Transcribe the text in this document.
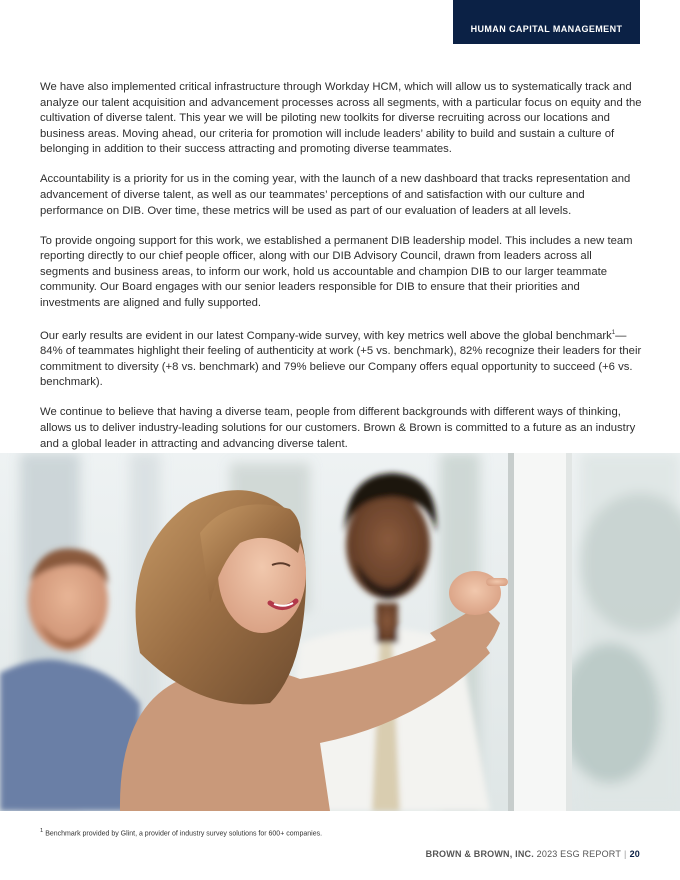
HUMAN CAPITAL MANAGEMENT

We have also implemented critical infrastructure through Workday HCM, which will allow us to systematically track and analyze our talent acquisition and advancement processes across all segments, with a particular focus on equity and the cultivation of diverse talent. This year we will be piloting new toolkits for diverse recruiting across our locations and business areas. Moving ahead, our criteria for promotion will include leaders’ ability to build and sustain a culture of belonging in addition to their success attracting and promoting diverse teammates.

Accountability is a priority for us in the coming year, with the launch of a new dashboard that tracks representation and advancement of diverse talent, as well as our teammates’ perceptions of and satisfaction with our culture and performance on DIB. Over time, these metrics will be used as part of our evaluation of leaders at all levels.

To provide ongoing support for this work, we established a permanent DIB leadership model. This includes a new team reporting directly to our chief people officer, along with our DIB Advisory Council, drawn from leaders across all segments and business areas, to inform our work, hold us accountable and champion DIB to our larger teammate community. Our Board engages with our senior leaders responsible for DIB to ensure that their priorities and investments are aligned and fully supported.

Our early results are evident in our latest Company-wide survey, with key metrics well above the global benchmark$^1$—84% of teammates highlight their feeling of authenticity at work (+5 vs. benchmark), 82% recognize their leaders for their commitment to diversity (+8 vs. benchmark) and 79% believe our Company offers equal opportunity to succeed (+6 vs. benchmark).

We continue to believe that having a diverse team, people from different backgrounds with different ways of thinking, allows us to deliver industry-leading solutions for our customers. Brown & Brown is committed to a future as an industry and a global leader in attracting and advancing diverse talent.

$^1$ Benchmark provided by Glint, a provider of industry survey solutions for 600+ companies.
BROWN & BROWN, INC. 2023 ESG REPORT | 20
